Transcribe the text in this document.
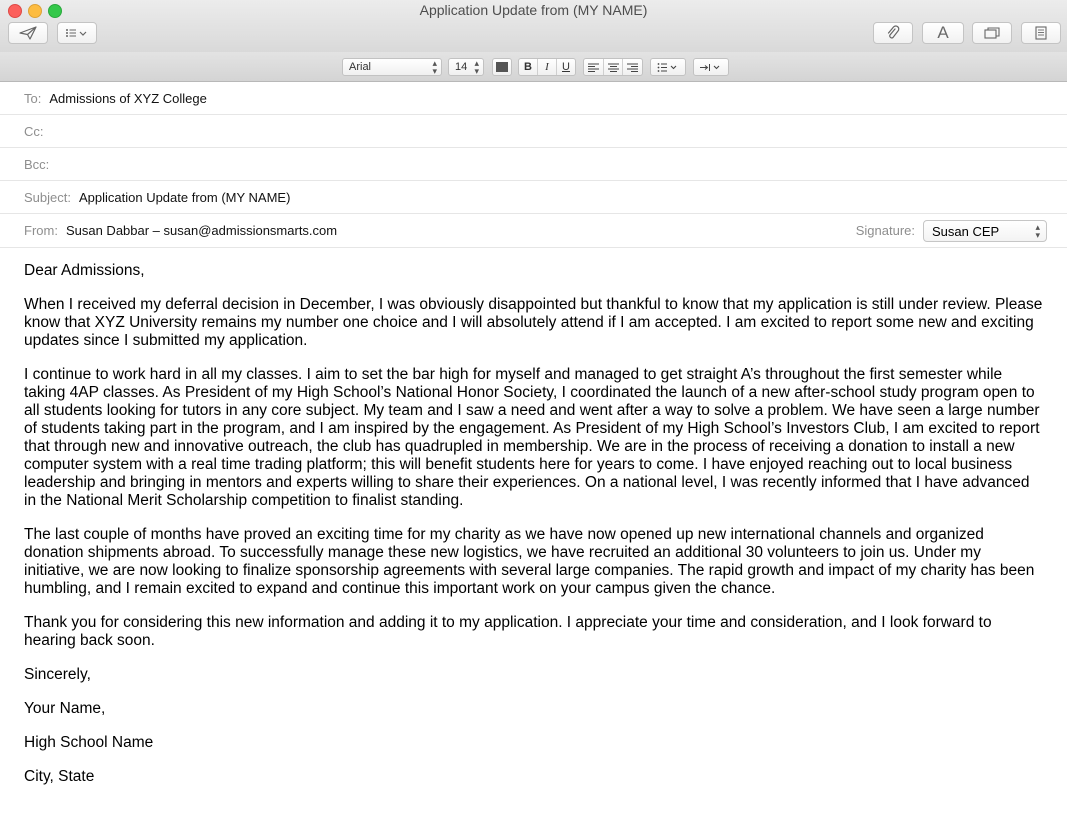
Application Update from (MY NAME)
A
Arial	▴
▾	14 ▴
▾	B	I	U
To: Admissions of XYZ College
Cc:
Bcc:
Subject: Application Update from (MY NAME)
From: Susan Dabbar – susan@admissionsmarts.com	Signature: Susan CEP	▴
▾

Dear Admissions,

When I received my deferral decision in December, I was obviously disappointed but thankful to know that my application is still under review. Please know that XYZ University remains my number one choice and I will absolutely attend if I am accepted. I am excited to report some new and exciting updates since I submitted my application.

I continue to work hard in all my classes. I aim to set the bar high for myself and managed to get straight A’s throughout the first semester while taking 4AP classes. As President of my High School’s National Honor Society, I coordinated the launch of a new after-school study program open to all students looking for tutors in any core subject. My team and I saw a need and went after a way to solve a problem. We have seen a large number of students taking part in the program, and I am inspired by the engagement. As President of my High School’s Investors Club, I am excited to report that through new and innovative outreach, the club has quadrupled in membership. We are in the process of receiving a donation to install a new computer system with a real time trading platform; this will benefit students here for years to come. I have enjoyed reaching out to local business leadership and bringing in mentors and experts willing to share their experiences. On a national level, I was recently informed that I have advanced in the National Merit Scholarship competition to finalist standing.

The last couple of months have proved an exciting time for my charity as we have now opened up new international channels and organized donation shipments abroad. To successfully manage these new logistics, we have recruited an additional 30 volunteers to join us. Under my initiative, we are now looking to finalize sponsorship agreements with several large companies. The rapid growth and impact of my charity has been humbling, and I remain excited to expand and continue this important work on your campus given the chance.

Thank you for considering this new information and adding it to my application. I appreciate your time and consideration, and I look forward to hearing back soon.

Sincerely,

Your Name,

High School Name

City, State
